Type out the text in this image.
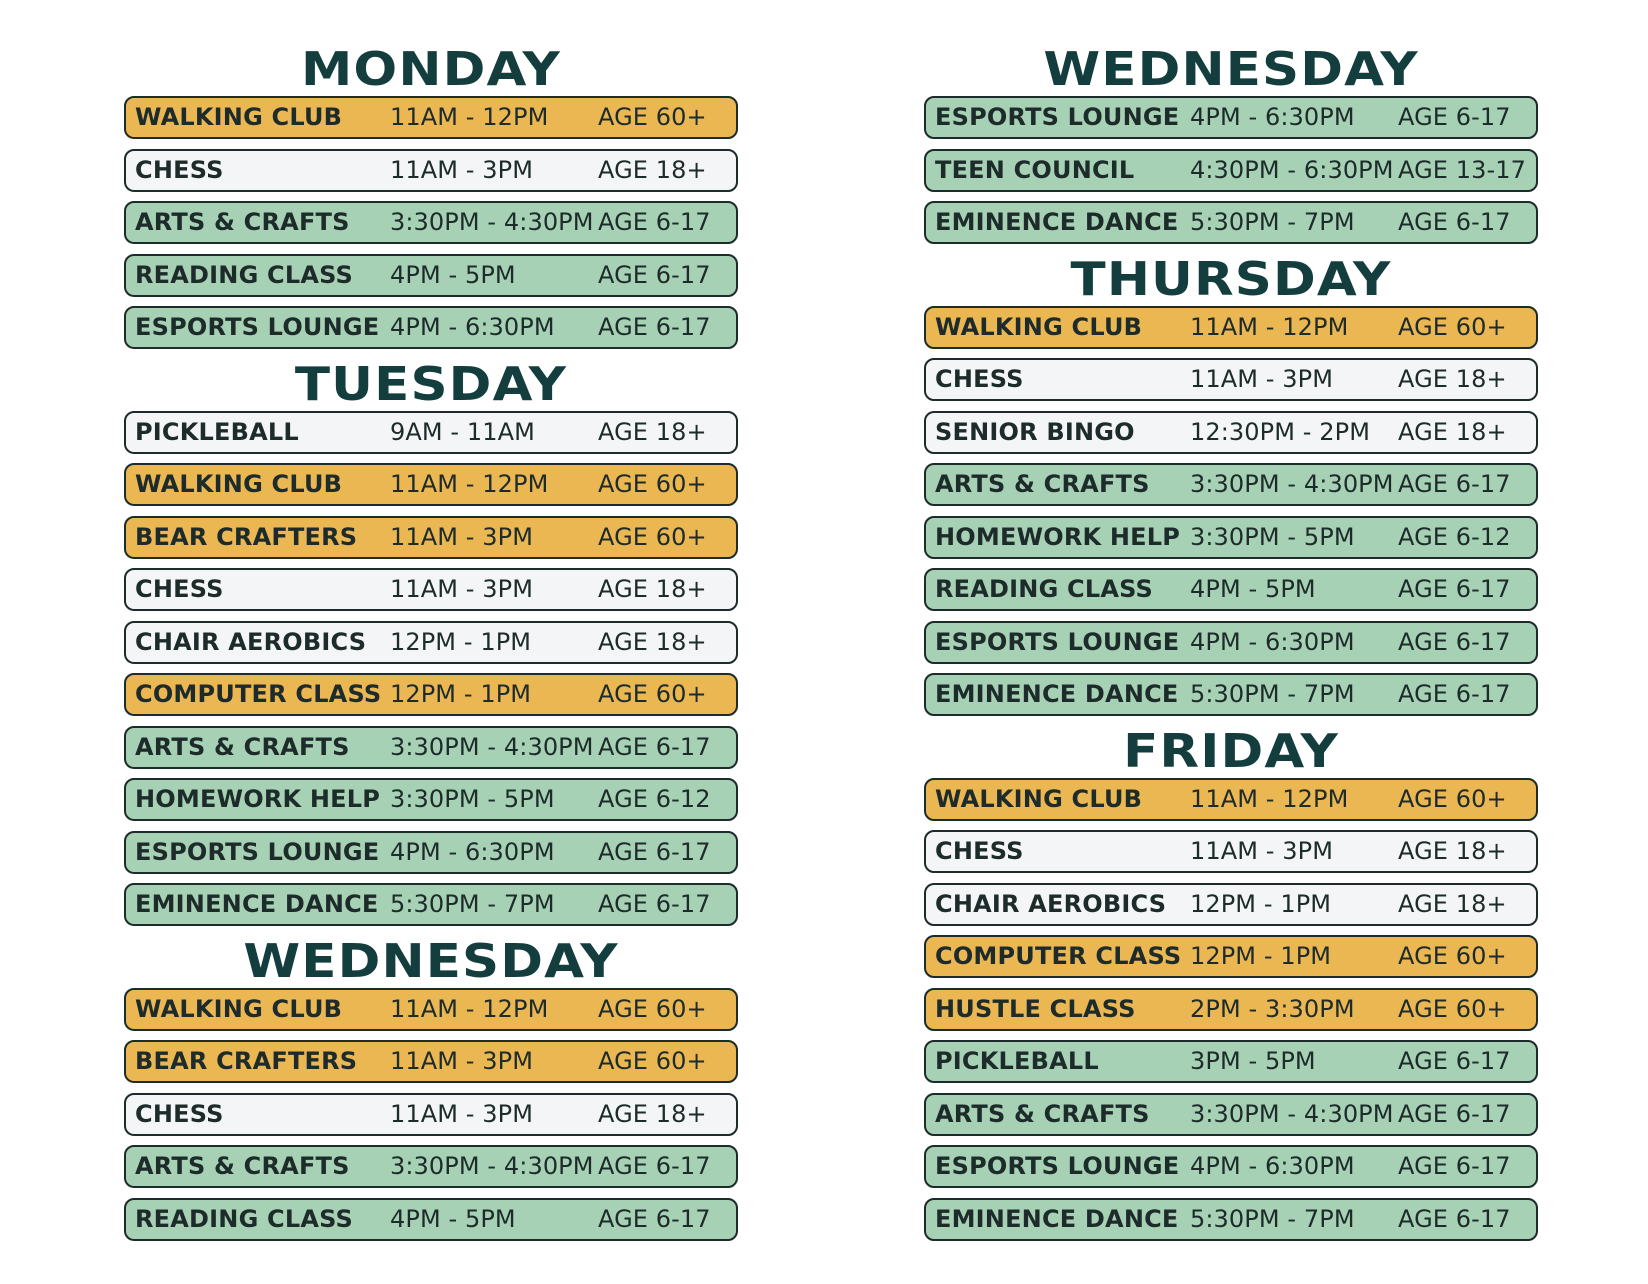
MONDAY
WALKING CLUB 11AM - 12PM AGE 60+
CHESS	11AM - 3PM	AGE 18+
ARTS & CRAFTS 3:30PM - 4:30PM AGE 6-17
READING CLASS 4PM - 5PM	AGE 6-17
ESPORTS LOUNGE 4PM - 6:30PM AGE 6-17
TUESDAY
PICKLEBALL	9AM - 11AM	AGE 18+
WALKING CLUB 11AM - 12PM AGE 60+
BEAR CRAFTERS 11AM - 3PM	AGE 60+
CHESS	11AM - 3PM	AGE 18+
CHAIR AEROBICS 12PM - 1PM	AGE 18+
COMPUTER CLASS 12PM - 1PM	AGE 60+
ARTS & CRAFTS 3:30PM - 4:30PM AGE 6-17
HOMEWORK HELP 3:30PM - 5PM AGE 6-12
ESPORTS LOUNGE 4PM - 6:30PM AGE 6-17
EMINENCE DANCE 5:30PM - 7PM AGE 6-17
WEDNESDAY
WALKING CLUB 11AM - 12PM AGE 60+
BEAR CRAFTERS 11AM - 3PM	AGE 60+
CHESS	11AM - 3PM	AGE 18+
ARTS & CRAFTS 3:30PM - 4:30PM AGE 6-17
READING CLASS 4PM - 5PM	AGE 6-17
WEDNESDAY
ESPORTS LOUNGE 4PM - 6:30PM AGE 6-17
TEEN COUNCIL 4:30PM - 6:30PM AGE 13-17
EMINENCE DANCE 5:30PM - 7PM AGE 6-17
THURSDAY
WALKING CLUB 11AM - 12PM AGE 60+
CHESS	11AM - 3PM	AGE 18+
SENIOR BINGO 12:30PM - 2PM AGE 18+
ARTS & CRAFTS 3:30PM - 4:30PM AGE 6-17
HOMEWORK HELP 3:30PM - 5PM AGE 6-12
READING CLASS 4PM - 5PM	AGE 6-17
ESPORTS LOUNGE 4PM - 6:30PM AGE 6-17
EMINENCE DANCE 5:30PM - 7PM AGE 6-17
FRIDAY
WALKING CLUB 11AM - 12PM AGE 60+
CHESS	11AM - 3PM	AGE 18+
CHAIR AEROBICS 12PM - 1PM	AGE 18+
COMPUTER CLASS 12PM - 1PM	AGE 60+
HUSTLE CLASS 2PM - 3:30PM AGE 60+
PICKLEBALL	3PM - 5PM	AGE 6-17
ARTS & CRAFTS 3:30PM - 4:30PM AGE 6-17
ESPORTS LOUNGE 4PM - 6:30PM AGE 6-17
EMINENCE DANCE 5:30PM - 7PM AGE 6-17
